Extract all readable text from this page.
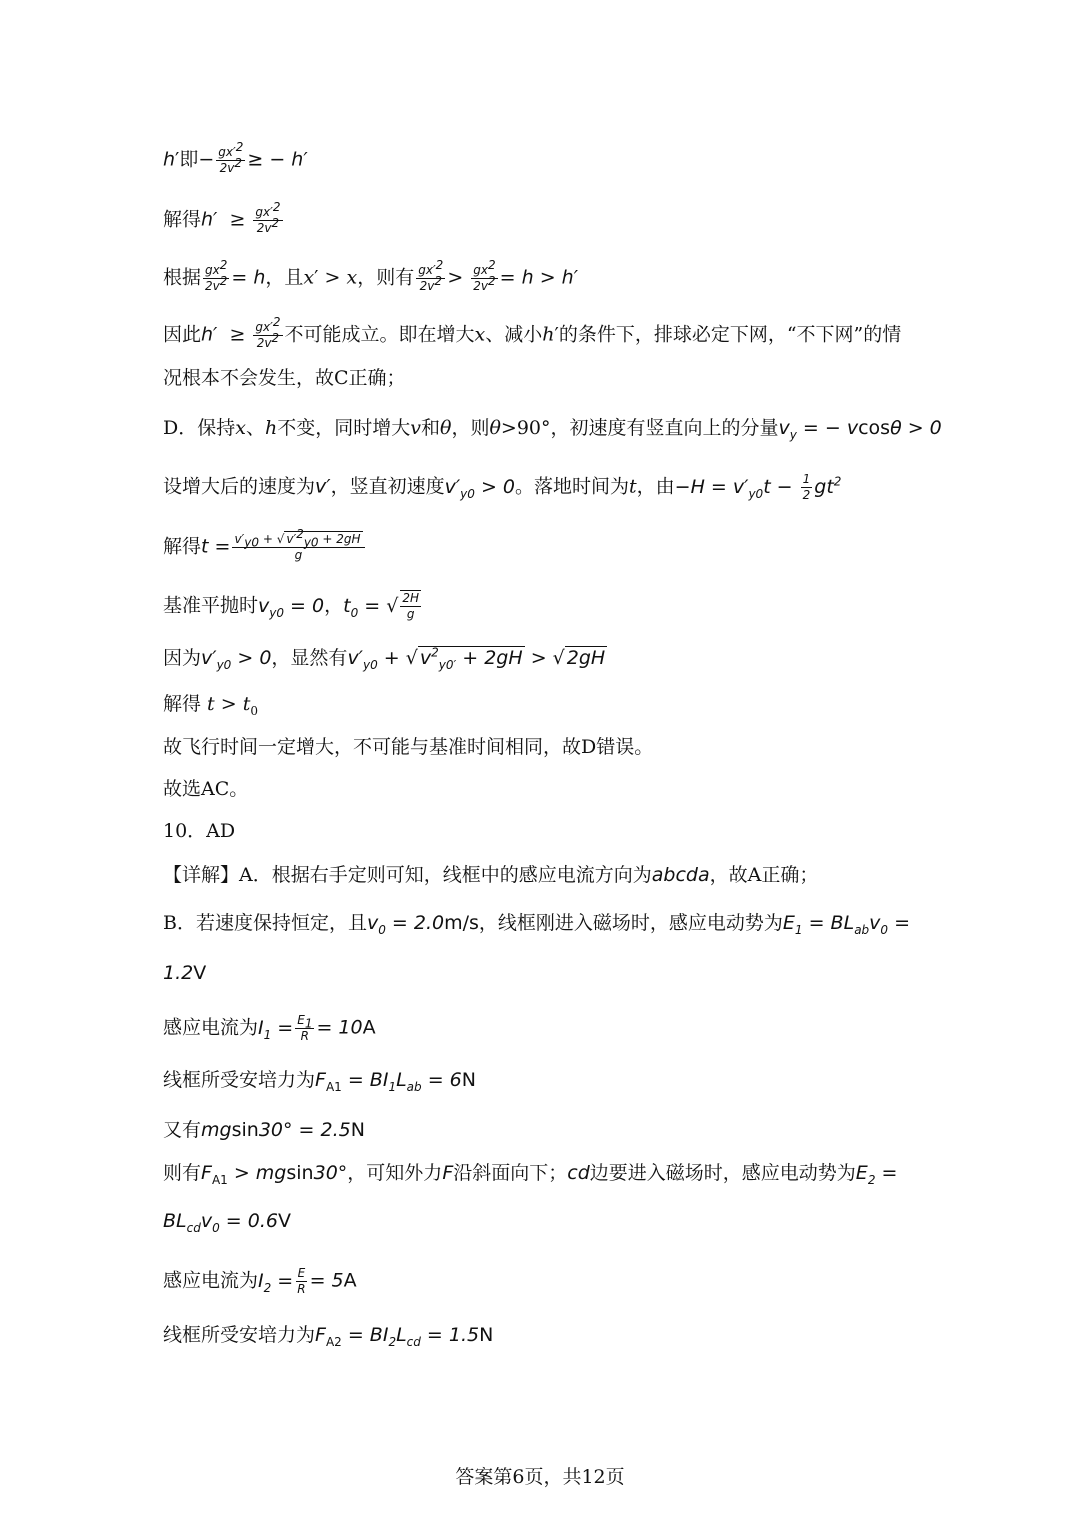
h′即− $\frac{gx'^2}{2v^2}$ ≥ − h′
解得$h' \ge \frac{gx'^2}{2v^2}$
根据 $\frac{gx^2}{2v^2} = h$，且x′ > x，则有 $\frac{gx'^2}{2v^2} > \frac{gx^2}{2v^2} = h > h'$
因此$h' \ge \frac{gx'^2}{2v^2}$ 不可能成立。即在增大x、减小h′的条件下，排球必定下网，“不下网”的情
况根本不会发生，故C正确；
D．保持x、h不变，同时增大v和θ，则θ>90°，初速度有竖直向上的分量$v_y$ = − vcosθ > 0
设增大后的速度为v′，竖直初速度$v'_{y0} > 0$。落地时间为t，由$-H = v'_{y0}t - \frac{1}{2} gt^2$
解得$t = \frac{v'_{y0} + √ v'^2_{y0} + 2gH}{g}$
基准平抛时$v_{y0} = 0$，$t_0$ = √ $\frac{2H}{g}$
因为$v'_{y0} > 0$，显然有$v'_{y0}$ + √ $v^2_{y0'} + 2gH$ > √ 2gH
解得 $t > t_0$
故飞行时间一定增大，不可能与基准时间相同，故D错误。
故选AC。
10．AD
【详解】A．根据右手定则可知，线框中的感应电流方向为abcda，故A正确；
B．若速度保持恒定，且$v_0 = 2.0m/s$，线框刚进入磁场时，感应电动势为$E_1 = BL_{ab}v_0$ =
1.2V
感应电流为$I_1 = \frac{E_1}{R} = 10A$
线框所受安培力为$F_{A1} = BI_1L_{ab} = 6N$
又有mgsin30° = 2.5N
则有$F_{A1} > mgsin30^\circ$，可知外力F沿斜面向下；cd边要进入磁场时，感应电动势为$E_2$ =
$BL_{cd}v_0 = 0.6V$
感应电流为$I_2 = \frac{E}{R} = 5A$
线框所受安培力为$F_{A2} = BI_2L_{cd} = 1.5N$
答案第6页，共12页
